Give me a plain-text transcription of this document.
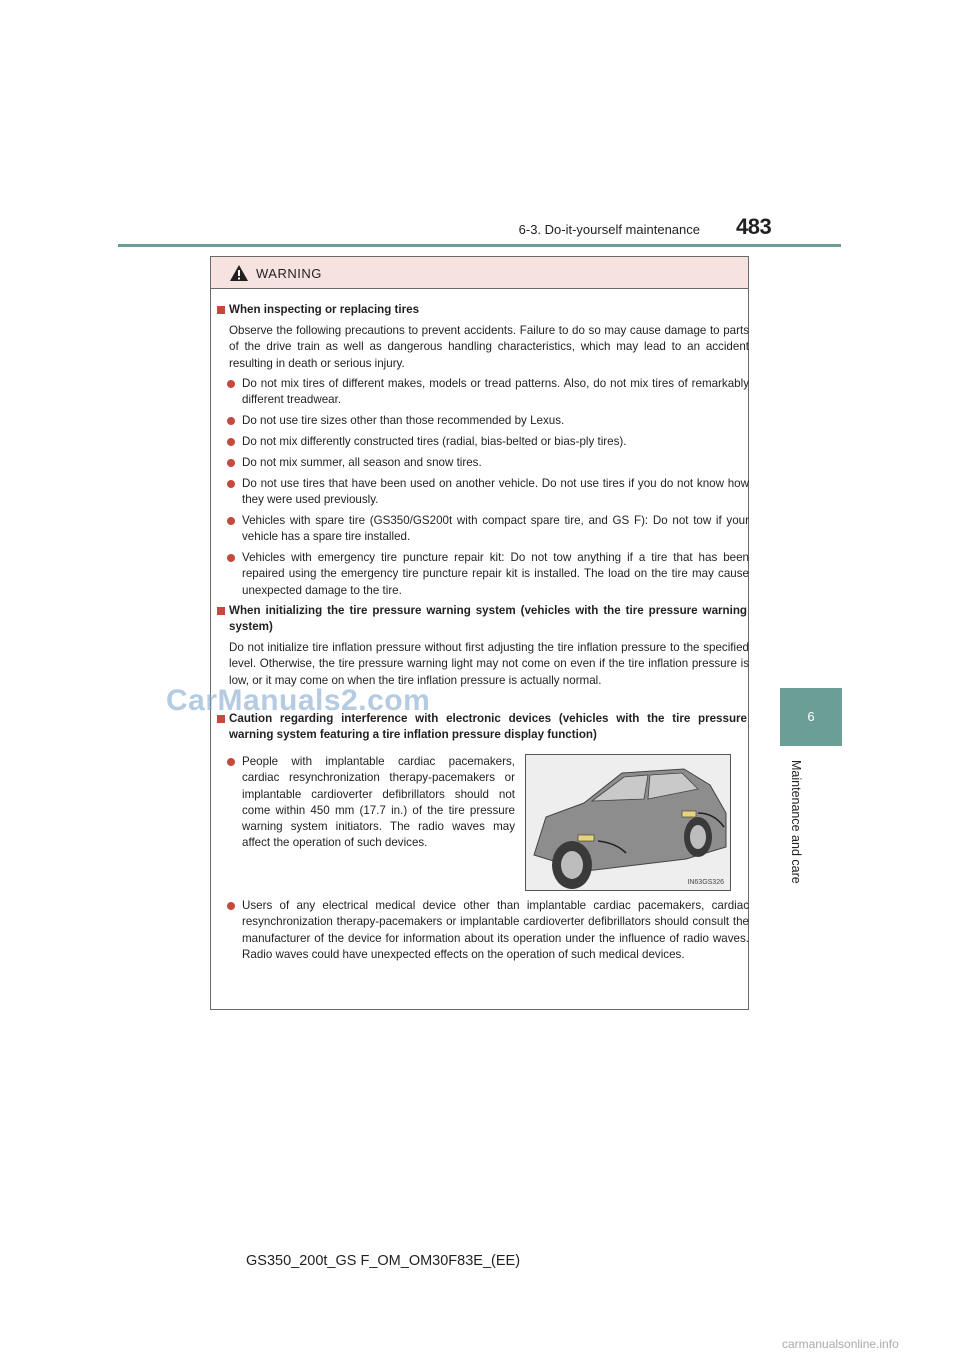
6-3. Do-it-yourself maintenance 483
6
Maintenance and care
WARNING
When inspecting or replacing tires
Observe the following precautions to prevent accidents. Failure to do so may cause damage to parts of the drive train as well as dangerous handling characteristics, which may lead to an accident resulting in death or serious injury.
Do not mix tires of different makes, models or tread patterns. Also, do not mix tires of remarkably different treadwear.
Do not use tire sizes other than those recommended by Lexus.
Do not mix differently constructed tires (radial, bias-belted or bias-ply tires).
Do not mix summer, all season and snow tires.
Do not use tires that have been used on another vehicle. Do not use tires if you do not know how they were used previously.
Vehicles with spare tire (GS350/GS200t with compact spare tire, and GS F): Do not tow if your vehicle has a spare tire installed.
Vehicles with emergency tire puncture repair kit: Do not tow anything if a tire that has been repaired using the emergency tire puncture repair kit is installed. The load on the tire may cause unexpected damage to the tire.
When initializing the tire pressure warning system (vehicles with the tire pressure warning system)
Do not initialize tire inflation pressure without first adjusting the tire inflation pressure to the specified level. Otherwise, the tire pressure warning light may not come on even if the tire inflation pressure is low, or it may come on when the tire inflation pressure is actually normal.
Caution regarding interference with electronic devices (vehicles with the tire pressure warning system featuring a tire inflation pressure display function)
People with implantable cardiac pacemakers, cardiac resynchronization therapy-pacemakers or implantable cardioverter defibrillators should not come within 450 mm (17.7 in.) of the tire pressure warning system initiators. The radio waves may affect the operation of such devices.
IN63GS326
Users of any electrical medical device other than implantable cardiac pacemakers, cardiac resynchronization therapy-pacemakers or implantable cardioverter defibrillators should consult the manufacturer of the device for information about its operation under the influence of radio waves. Radio waves could have unexpected effects on the operation of such medical devices.
CarManuals2.com
GS350_200t_GS F_OM_OM30F83E_(EE)
carmanualsonline.info
